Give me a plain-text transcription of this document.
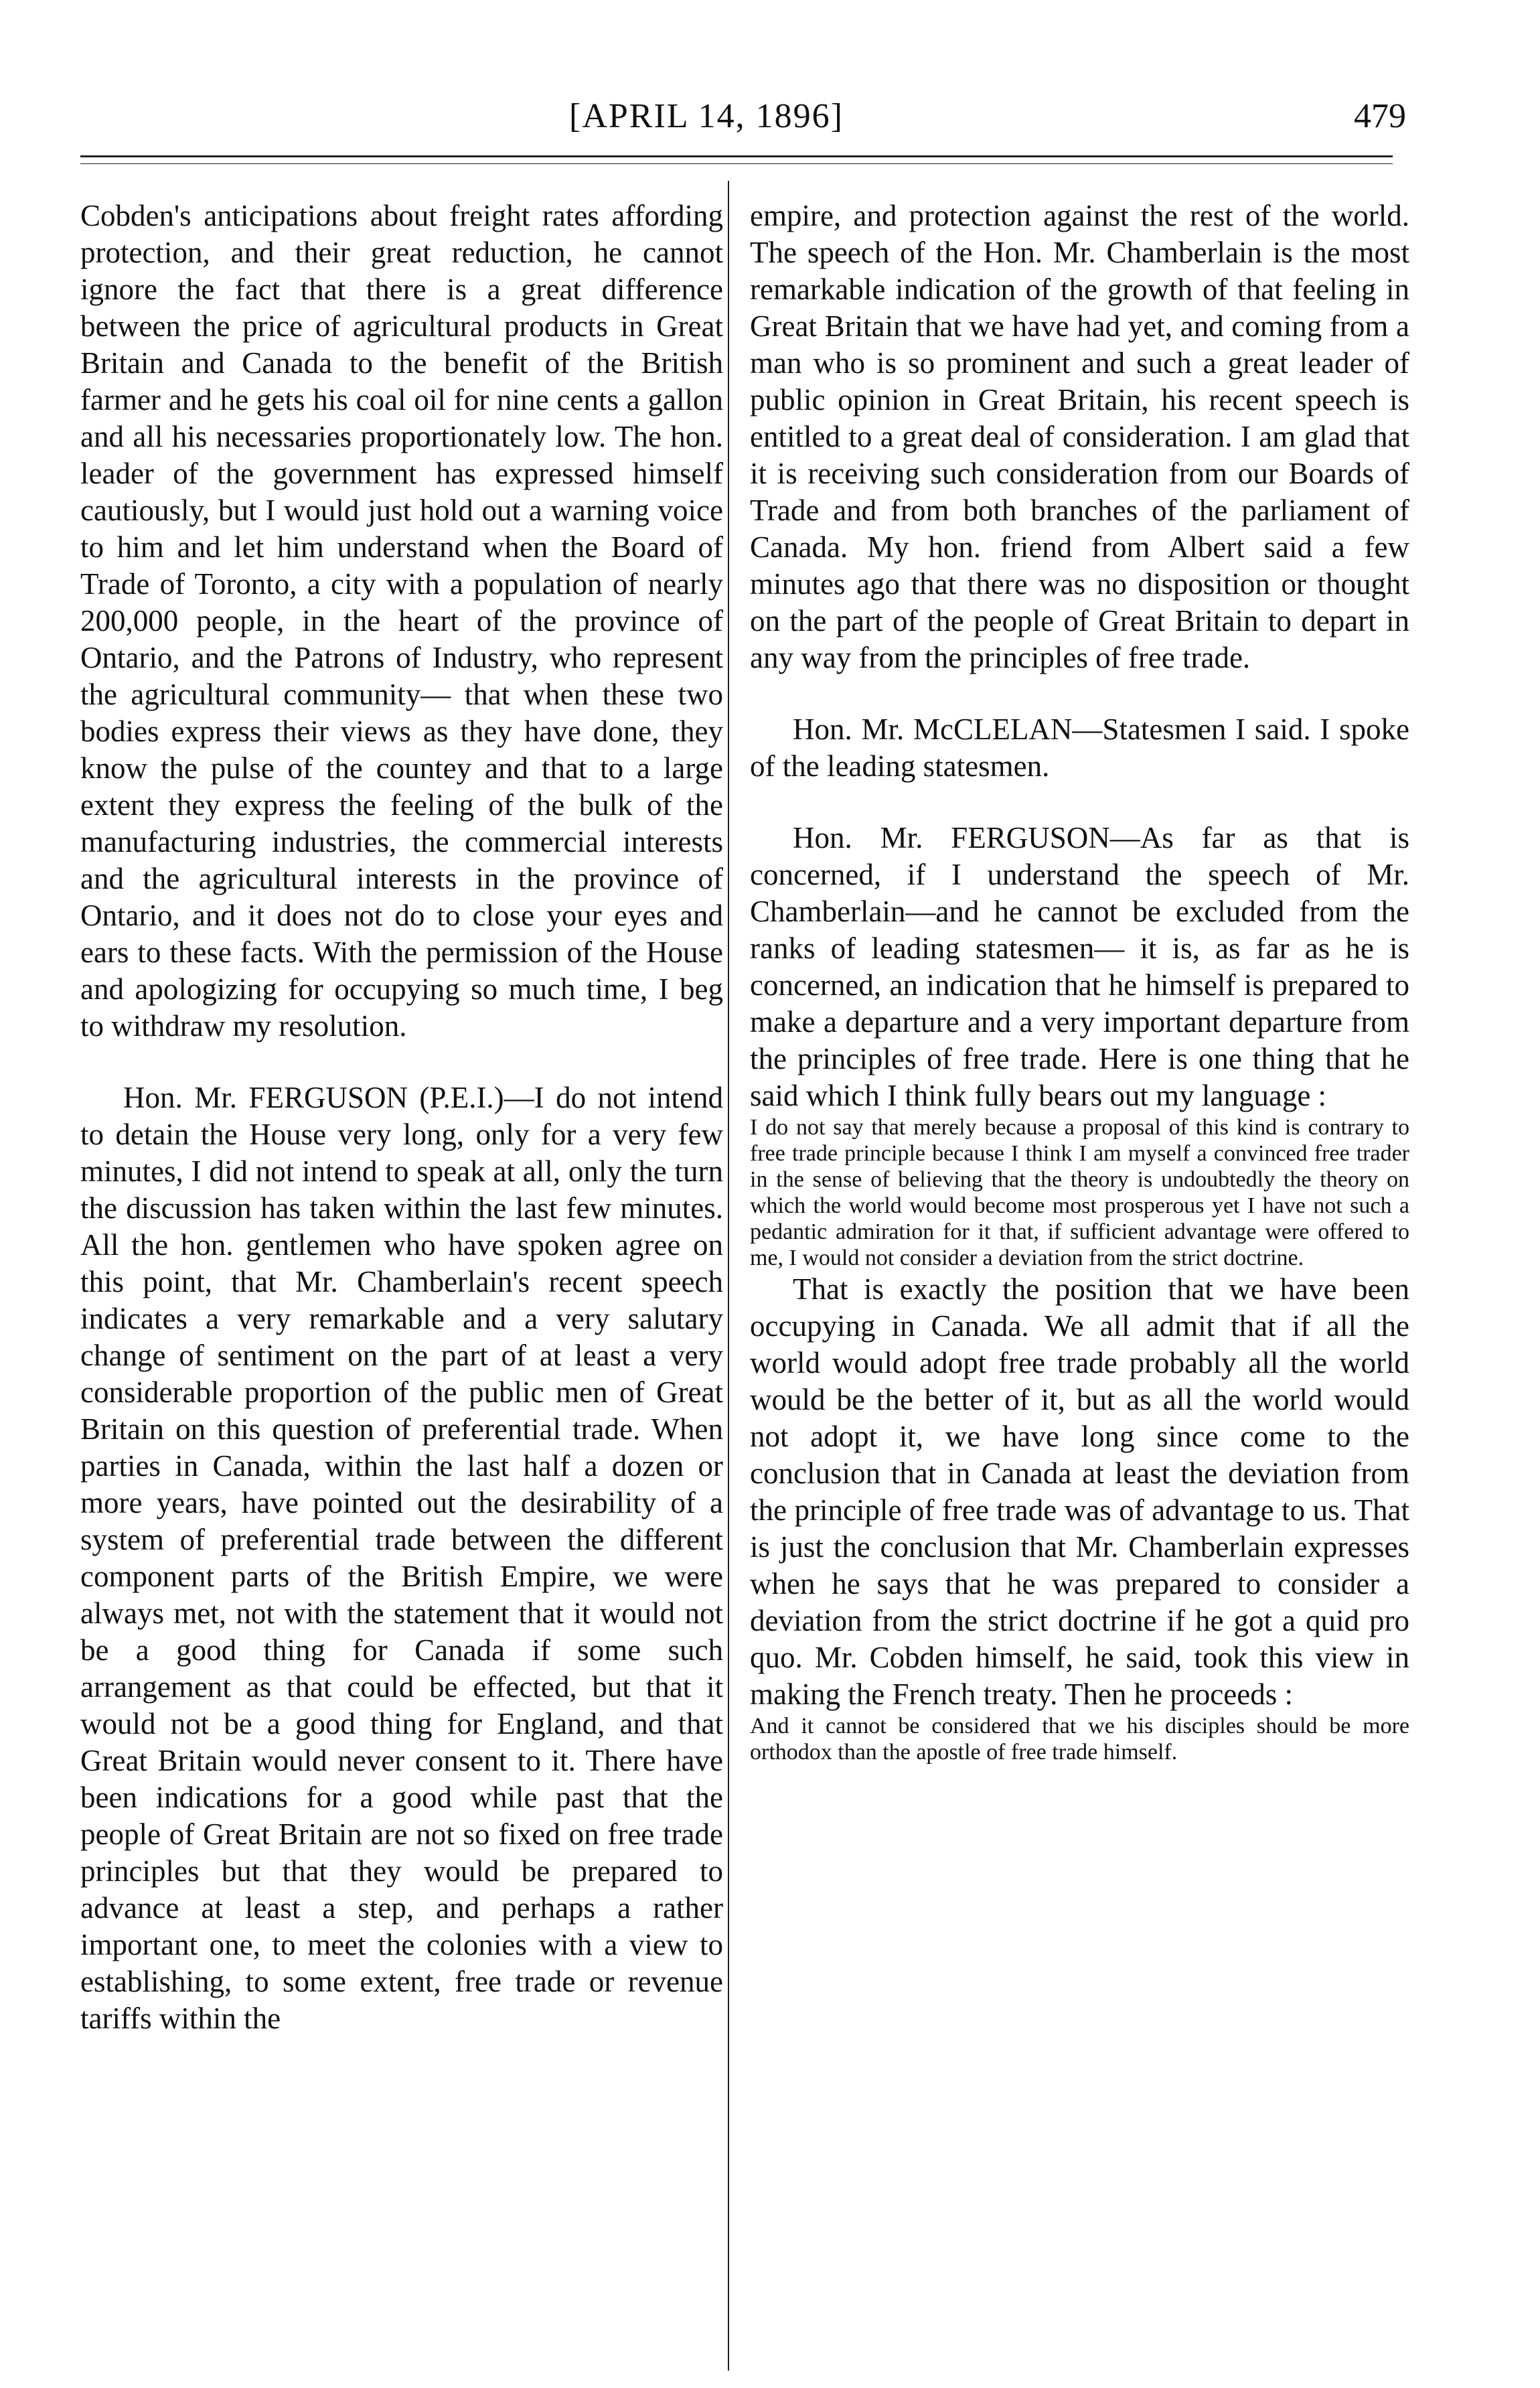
[APRIL 14, 1896]	479

Cobden's anticipations about freight rates affording protection, and their great reduction, he cannot ignore the fact that there is a great difference between the price of agricultural products in Great Britain and Canada to the benefit of the British farmer and he gets his coal oil for nine cents a gallon and all his necessaries proportionately low. The hon. leader of the government has expressed himself cautiously, but I would just hold out a warning voice to him and let him understand when the Board of Trade of Toronto, a city with a population of nearly 200,000 people, in the heart of the province of Ontario, and the Patrons of Industry, who represent the agricultural community— that when these two bodies express their views as they have done, they know the pulse of the countey and that to a large extent they express the feeling of the bulk of the manufacturing industries, the commercial interests and the agricultural interests in the province of Ontario, and it does not do to close your eyes and ears to these facts. With the permission of the House and apologizing for occupying so much time, I beg to withdraw my resolution.

Hon. Mr. FERGUSON (P.E.I.)—I do not intend to detain the House very long, only for a very few minutes, I did not intend to speak at all, only the turn the discussion has taken within the last few minutes. All the hon. gentlemen who have spoken agree on this point, that Mr. Chamberlain's recent speech indicates a very remarkable and a very salutary change of sentiment on the part of at least a very considerable proportion of the public men of Great Britain on this question of preferential trade. When parties in Canada, within the last half a dozen or more years, have pointed out the desirability of a system of preferential trade between the different component parts of the British Empire, we were always met, not with the statement that it would not be a good thing for Canada if some such arrangement as that could be effected, but that it would not be a good thing for England, and that Great Britain would never consent to it. There have been indications for a good while past that the people of Great Britain are not so fixed on free trade principles but that they would be prepared to advance at least a step, and perhaps a rather important one, to meet the colonies with a view to establishing, to some extent, free trade or revenue tariffs within the

empire, and protection against the rest of the world. The speech of the Hon. Mr. Chamberlain is the most remarkable indication of the growth of that feeling in Great Britain that we have had yet, and coming from a man who is so prominent and such a great leader of public opinion in Great Britain, his recent speech is entitled to a great deal of consideration. I am glad that it is receiving such consideration from our Boards of Trade and from both branches of the parliament of Canada. My hon. friend from Albert said a few minutes ago that there was no disposition or thought on the part of the people of Great Britain to depart in any way from the principles of free trade.

Hon. Mr. McCLELAN—Statesmen I said. I spoke of the leading statesmen.

Hon. Mr. FERGUSON—As far as that is concerned, if I understand the speech of Mr. Chamberlain—and he cannot be excluded from the ranks of leading statesmen— it is, as far as he is concerned, an indication that he himself is prepared to make a departure and a very important departure from the principles of free trade. Here is one thing that he said which I think fully bears out my language :

I do not say that merely because a proposal of this kind is contrary to free trade principle because I think I am myself a convinced free trader in the sense of believing that the theory is undoubtedly the theory on which the world would become most prosperous yet I have not such a pedantic admiration for it that, if sufficient advantage were offered to me, I would not consider a deviation from the strict doctrine.

That is exactly the position that we have been occupying in Canada. We all admit that if all the world would adopt free trade probably all the world would be the better of it, but as all the world would not adopt it, we have long since come to the conclusion that in Canada at least the deviation from the principle of free trade was of advantage to us. That is just the conclusion that Mr. Chamberlain expresses when he says that he was prepared to consider a deviation from the strict doctrine if he got a quid pro quo. Mr. Cobden himself, he said, took this view in making the French treaty. Then he proceeds :

And it cannot be considered that we his disciples should be more orthodox than the apostle of free trade himself.
